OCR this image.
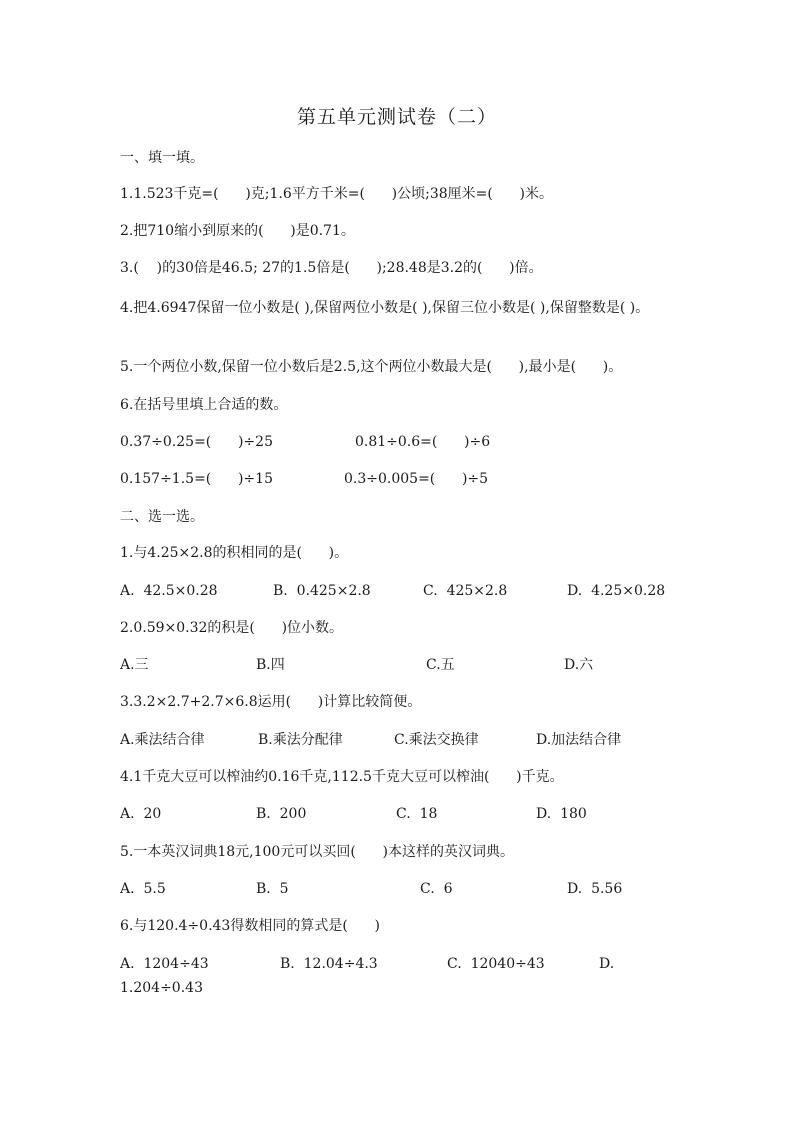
第五单元测试卷（二）
一、填一填。
1.1.523千克=(      )克;1.6平方千米=(      )公顷;38厘米=(      )米。
2.把710缩小到原来的(      )是0.71。
3.(    )的30倍是46.5; 27的1.5倍是(      );28.48是3.2的(      )倍。
4.把4.6947保留一位小数是( ),保留两位小数是( ),保留三位小数是( ),保留整数是( )。
5.一个两位小数,保留一位小数后是2.5,这个两位小数最大是(      ),最小是(      )。
6.在括号里填上合适的数。

0.37÷0.25=(      )÷25

	0.81÷0.6=(      )÷6

0.157÷1.5=(      )÷15

	0.3÷0.005=(      )÷5

二、选一选。
1.与4.25×2.8的积相同的是(      )。

A.  42.5×0.28

	B.  0.425×2.8

	C.  425×2.8

	D.  4.25×0.28

2.0.59×0.32的积是(      )位小数。

A.三

	B.四

	C.五

	D.六

3.3.2×2.7+2.7×6.8运用(      )计算比较简便。

A.乘法结合律

	B.乘法分配律

	C.乘法交换律

	D.加法结合律

4.1千克大豆可以榨油约0.16千克,112.5千克大豆可以榨油(      )千克。

A.  20

	B.  200

	C.  18

	D.  180

5.一本英汉词典18元,100元可以买回(      )本这样的英汉词典。

A.  5.5

	B.  5

	C.  6

	D.  5.56

6.与120.4÷0.43得数相同的算式是(      )

A.  1204÷43

	B.  12.04÷4.3

	C.  12040÷43

	D.

1.204÷0.43
